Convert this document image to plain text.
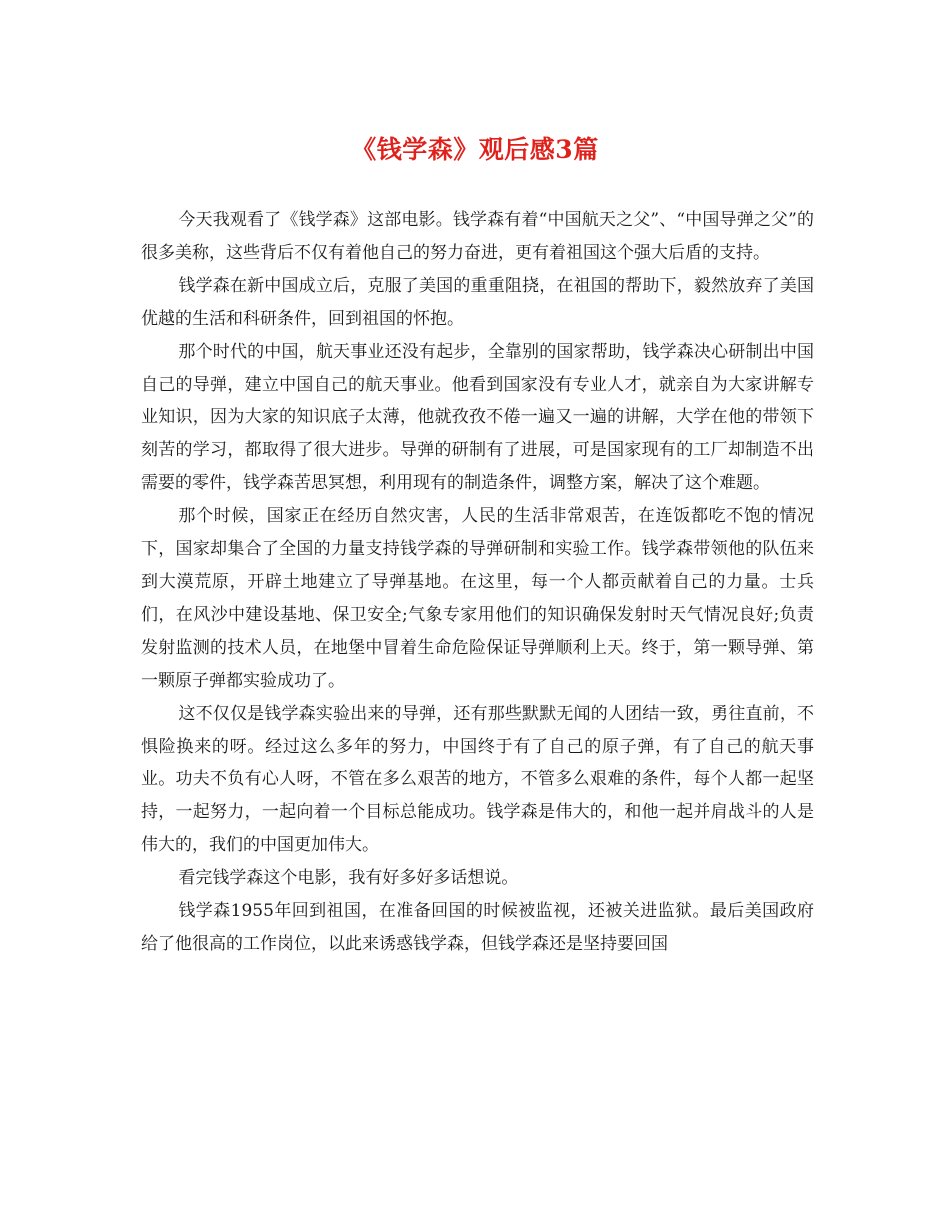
《钱学森》观后感3篇

今天我观看了《钱学森》这部电影。钱学森有着“中国航天之父”、“中国导弹之父”的很多美称，这些背后不仅有着他自己的努力奋进，更有着祖国这个强大后盾的支持。

钱学森在新中国成立后，克服了美国的重重阻挠，在祖国的帮助下，毅然放弃了美国优越的生活和科研条件，回到祖国的怀抱。

那个时代的中国，航天事业还没有起步，全靠别的国家帮助，钱学森决心研制出中国自己的导弹，建立中国自己的航天事业。他看到国家没有专业人才，就亲自为大家讲解专业知识，因为大家的知识底子太薄，他就孜孜不倦一遍又一遍的讲解，大学在他的带领下刻苦的学习，都取得了很大进步。导弹的研制有了进展，可是国家现有的工厂却制造不出需要的零件，钱学森苦思冥想，利用现有的制造条件，调整方案，解决了这个难题。

那个时候，国家正在经历自然灾害，人民的生活非常艰苦，在连饭都吃不饱的情况下，国家却集合了全国的力量支持钱学森的导弹研制和实验工作。钱学森带领他的队伍来到大漠荒原，开辟土地建立了导弹基地。在这里，每一个人都贡献着自己的力量。士兵们，在风沙中建设基地、保卫安全;气象专家用他们的知识确保发射时天气情况良好;负责发射监测的技术人员，在地堡中冒着生命危险保证导弹顺利上天。终于，第一颗导弹、第一颗原子弹都实验成功了。

这不仅仅是钱学森实验出来的导弹，还有那些默默无闻的人团结一致，勇往直前，不惧险换来的呀。经过这么多年的努力，中国终于有了自己的原子弹，有了自己的航天事业。功夫不负有心人呀，不管在多么艰苦的地方，不管多么艰难的条件，每个人都一起坚持，一起努力，一起向着一个目标总能成功。钱学森是伟大的，和他一起并肩战斗的人是伟大的，我们的中国更加伟大。

看完钱学森这个电影，我有好多好多话想说。

钱学森1955年回到祖国，在准备回国的时候被监视，还被关进监狱。最后美国政府给了他很高的工作岗位，以此来诱惑钱学森，但钱学森还是坚持要回国
